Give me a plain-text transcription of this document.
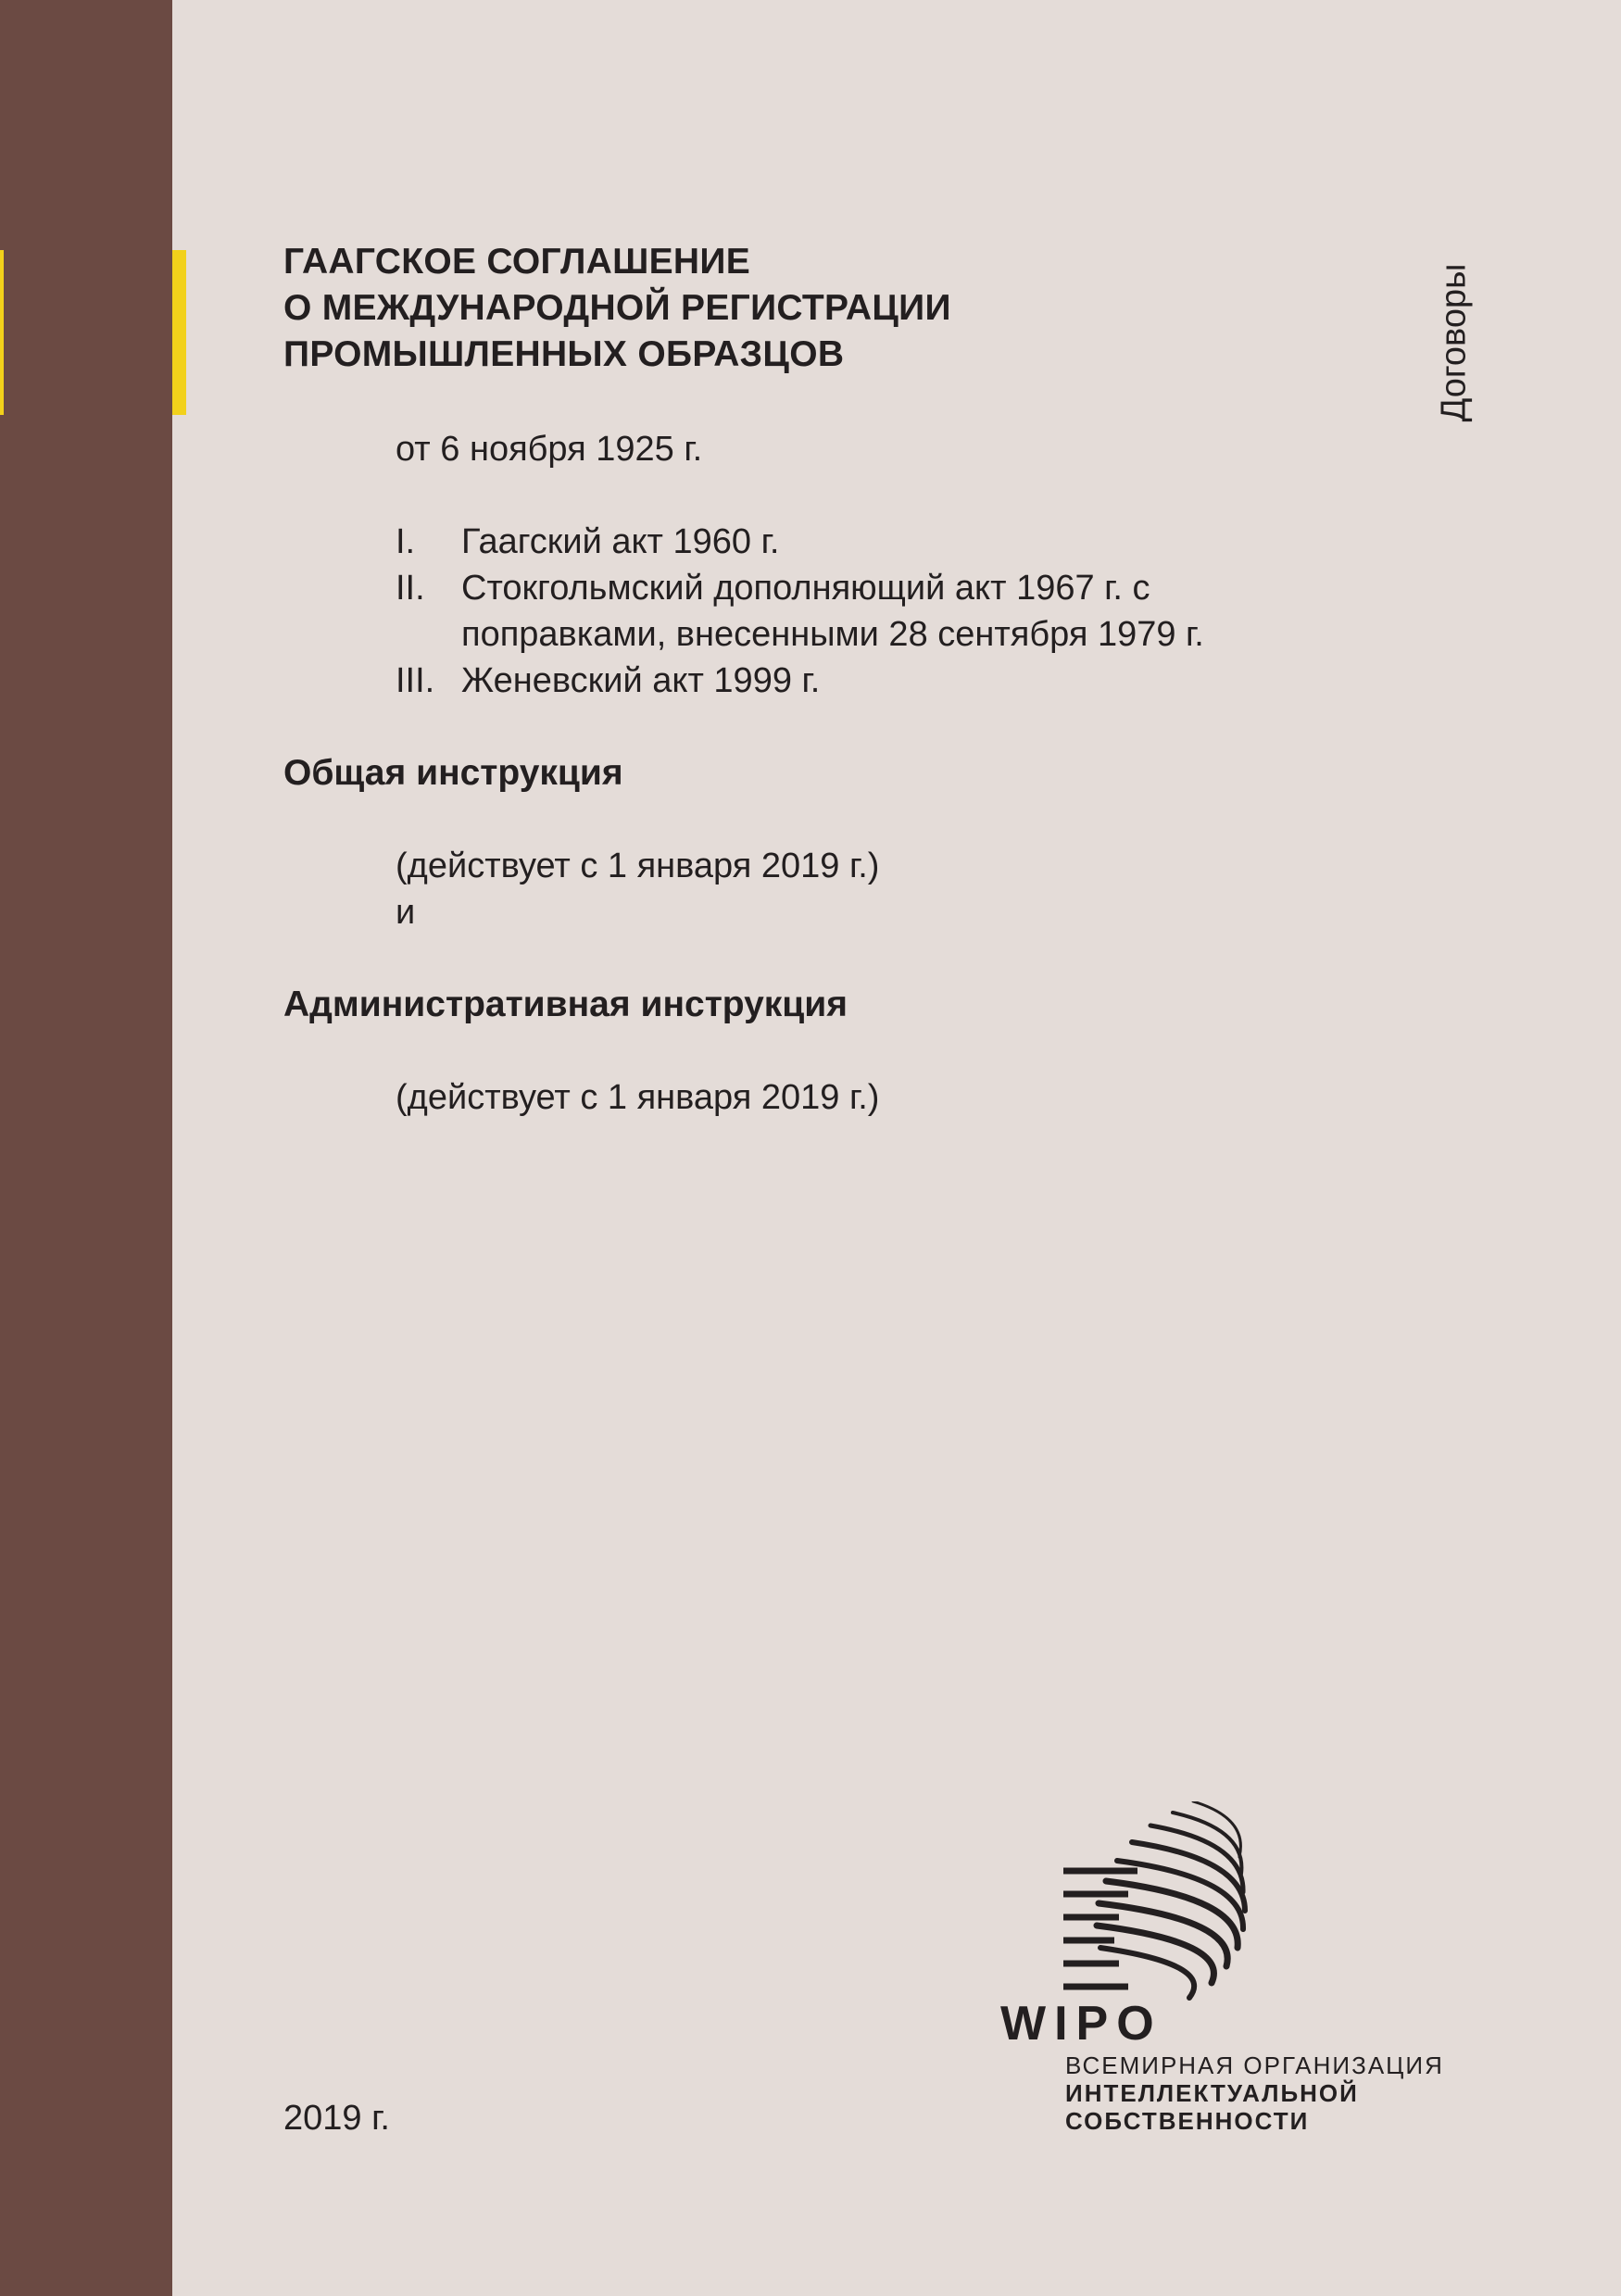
ГААГСКОЕ СОГЛАШЕНИЕ
О МЕЖДУНАРОДНОЙ РЕГИСТРАЦИИ
ПРОМЫШЛЕННЫХ ОБРАЗЦОВ
от 6 ноября 1925 г.
I.	Гаагский акт 1960 г.
II.	Стокгольмский дополняющий акт 1967 г. с поправками, внесенными 28 сентября 1979 г.
III. Женевский акт 1999 г.
Общая инструкция
(действует с 1 января 2019 г.)
и
Административная инструкция
(действует с 1 января 2019 г.)
Договоры
2019 г.
WIPO
ВСЕМИРНАЯ ОРГАНИЗАЦИЯ
ИНТЕЛЛЕКТУАЛЬНОЙ
СОБСТВЕННОСТИ
